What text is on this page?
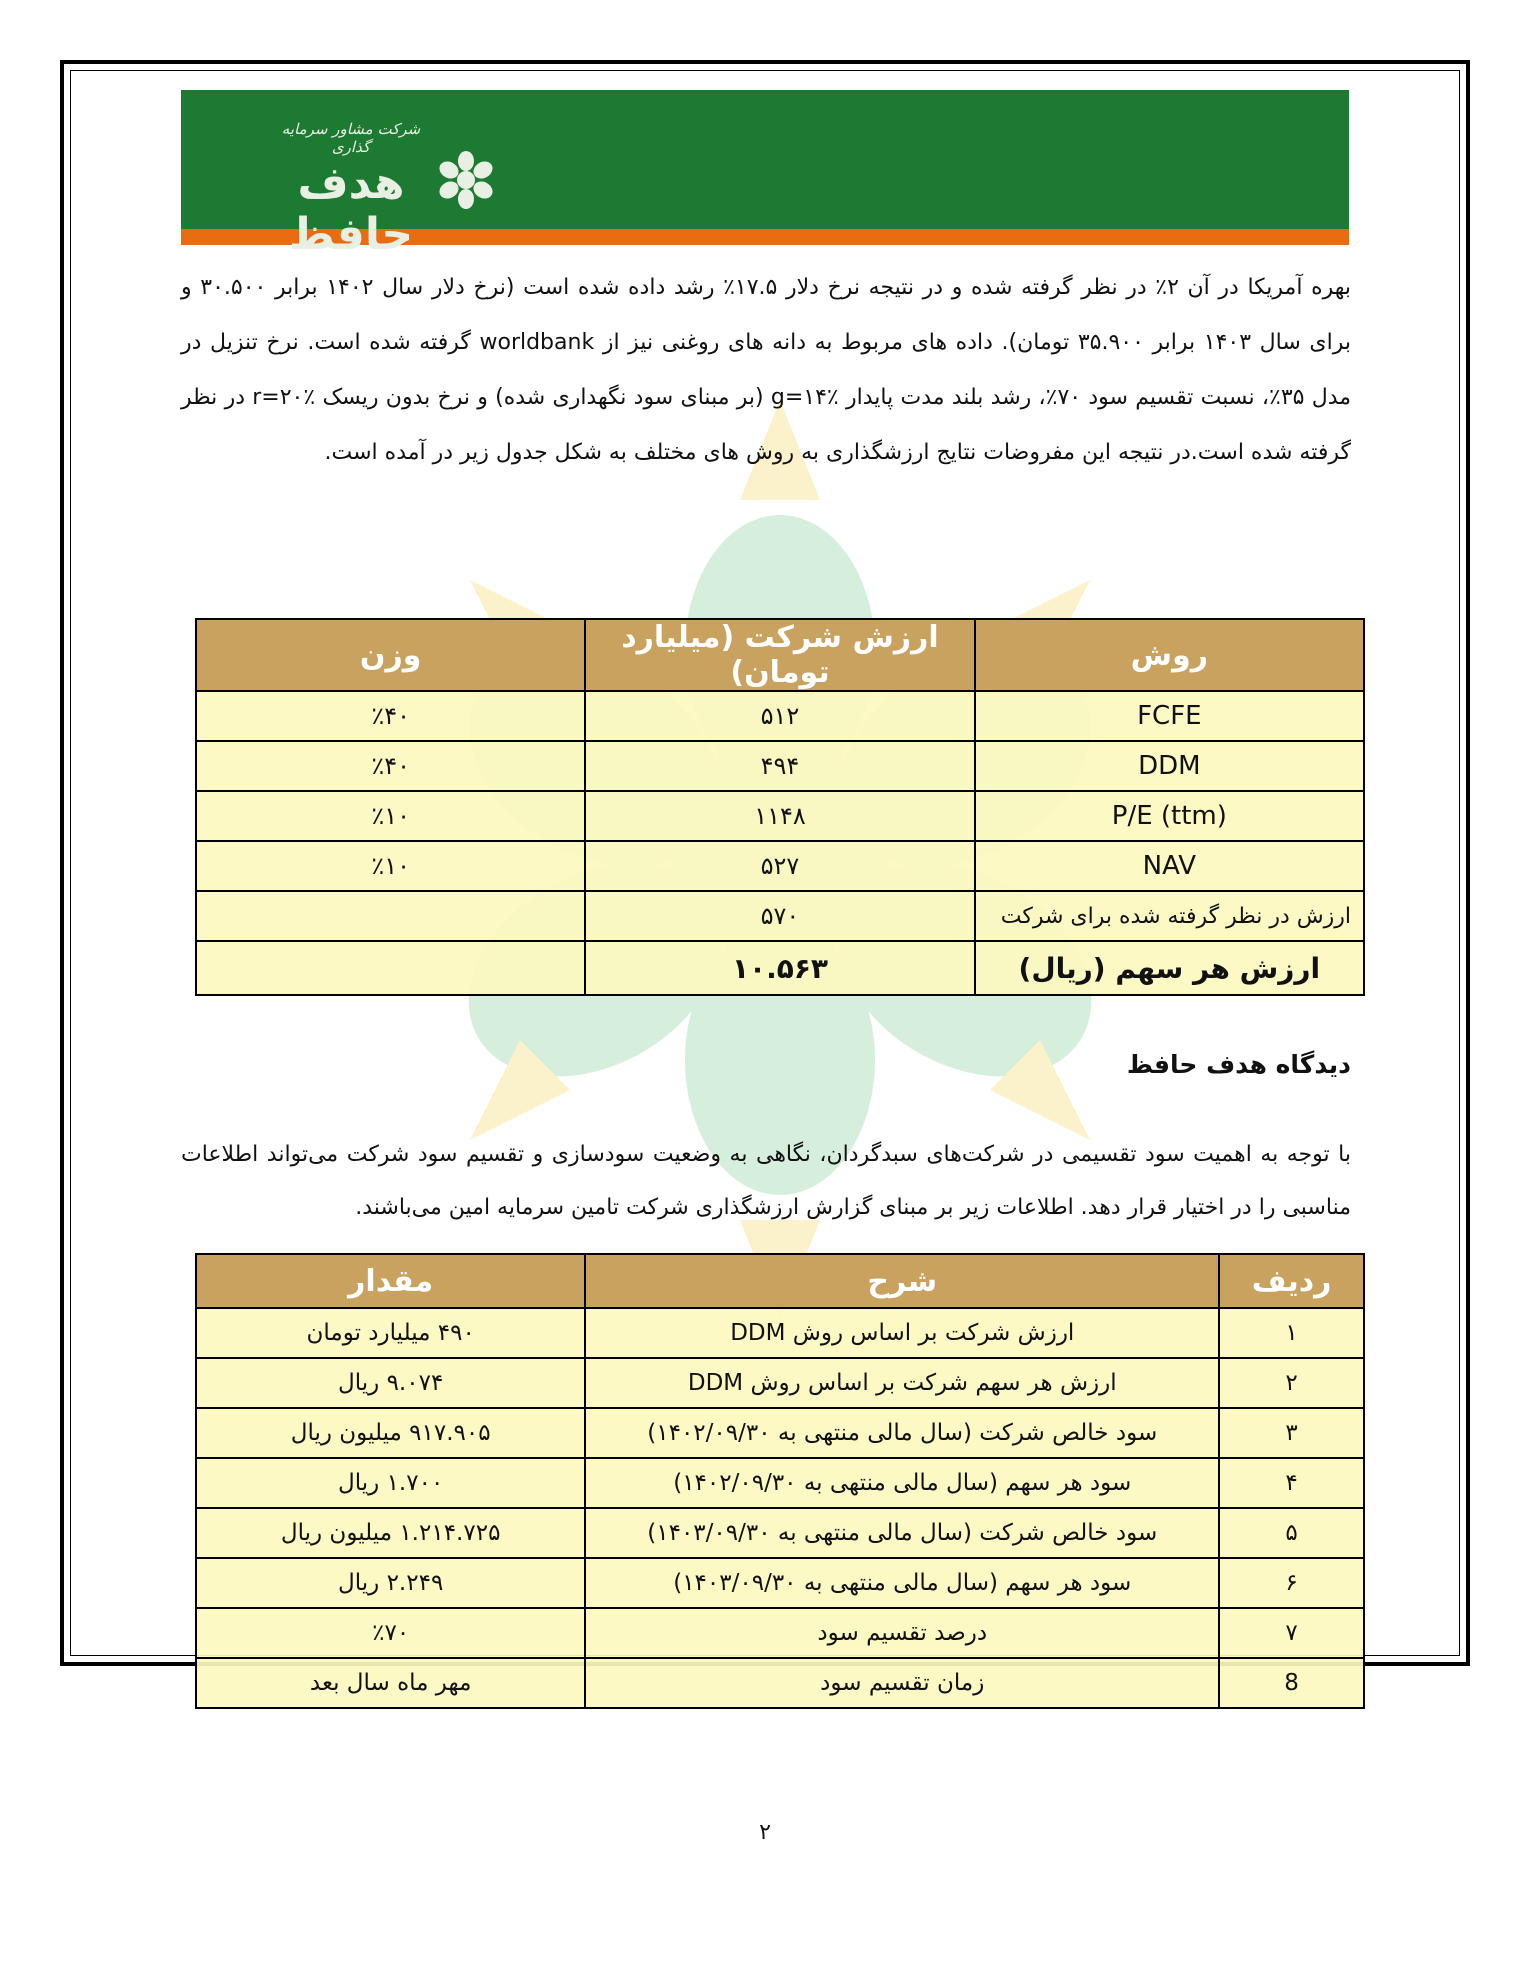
شرکت مشاور سرمایه گذاری
هدف حافظ

بهره آمریکا در آن ۲٪ در نظر گرفته شده و در نتیجه نرخ دلار ۱۷.۵٪ رشد داده شده است (نرخ دلار سال ۱۴۰۲ برابر ۳۰.۵۰۰ و برای سال ۱۴۰۳ برابر ۳۵.۹۰۰ تومان). داده های مربوط به دانه های روغنی نیز از worldbank گرفته شده است. نرخ تنزیل در مدل ۳۵٪، نسبت تقسیم سود ۷۰٪، رشد بلند مدت پایدار g=۱۴٪ (بر مبنای سود نگهداری شده) و نرخ بدون ریسک r=۲۰٪ در نظر گرفته شده است.در نتیجه این مفروضات نتایج ارزشگذاری به روش های مختلف به شکل جدول زیر در آمده است.

روش	ارزش شرکت (میلیارد تومان)	وزن
FCFE	۵۱۲	٪۴۰
DDM	۴۹۴	٪۴۰
P/E (ttm)	۱۱۴۸	٪۱۰
NAV	۵۲۷	٪۱۰
ارزش در نظر گرفته شده برای شرکت	۵۷۰	
ارزش هر سهم (ریال)	۱۰.۵۶۳	
دیدگاه هدف حافظ

با توجه به اهمیت سود تقسیمی در شرکت‌های سبدگردان، نگاهی به وضعیت سودسازی و تقسیم سود شرکت می‌تواند اطلاعات مناسبی را در اختیار قرار دهد. اطلاعات زیر بر مبنای گزارش ارزشگذاری شرکت تامین سرمایه امین می‌باشند.

ردیف	شرح	مقدار
۱	ارزش شرکت بر اساس روش DDM	۴۹۰ میلیارد تومان
۲	ارزش هر سهم شرکت بر اساس روش DDM	۹.۰۷۴ ریال
۳	سود خالص شرکت (سال مالی منتهی به ۱۴۰۲/۰۹/۳۰)	۹۱۷.۹۰۵ میلیون ریال
۴	سود هر سهم (سال مالی منتهی به ۱۴۰۲/۰۹/۳۰)	۱.۷۰۰ ریال
۵	سود خالص شرکت (سال مالی منتهی به ۱۴۰۳/۰۹/۳۰)	۱.۲۱۴.۷۲۵ میلیون ریال
۶	سود هر سهم (سال مالی منتهی به ۱۴۰۳/۰۹/۳۰)	۲.۲۴۹ ریال
۷	درصد تقسیم سود	٪۷۰
8	زمان تقسیم سود	مهر ماه سال بعد
۲
